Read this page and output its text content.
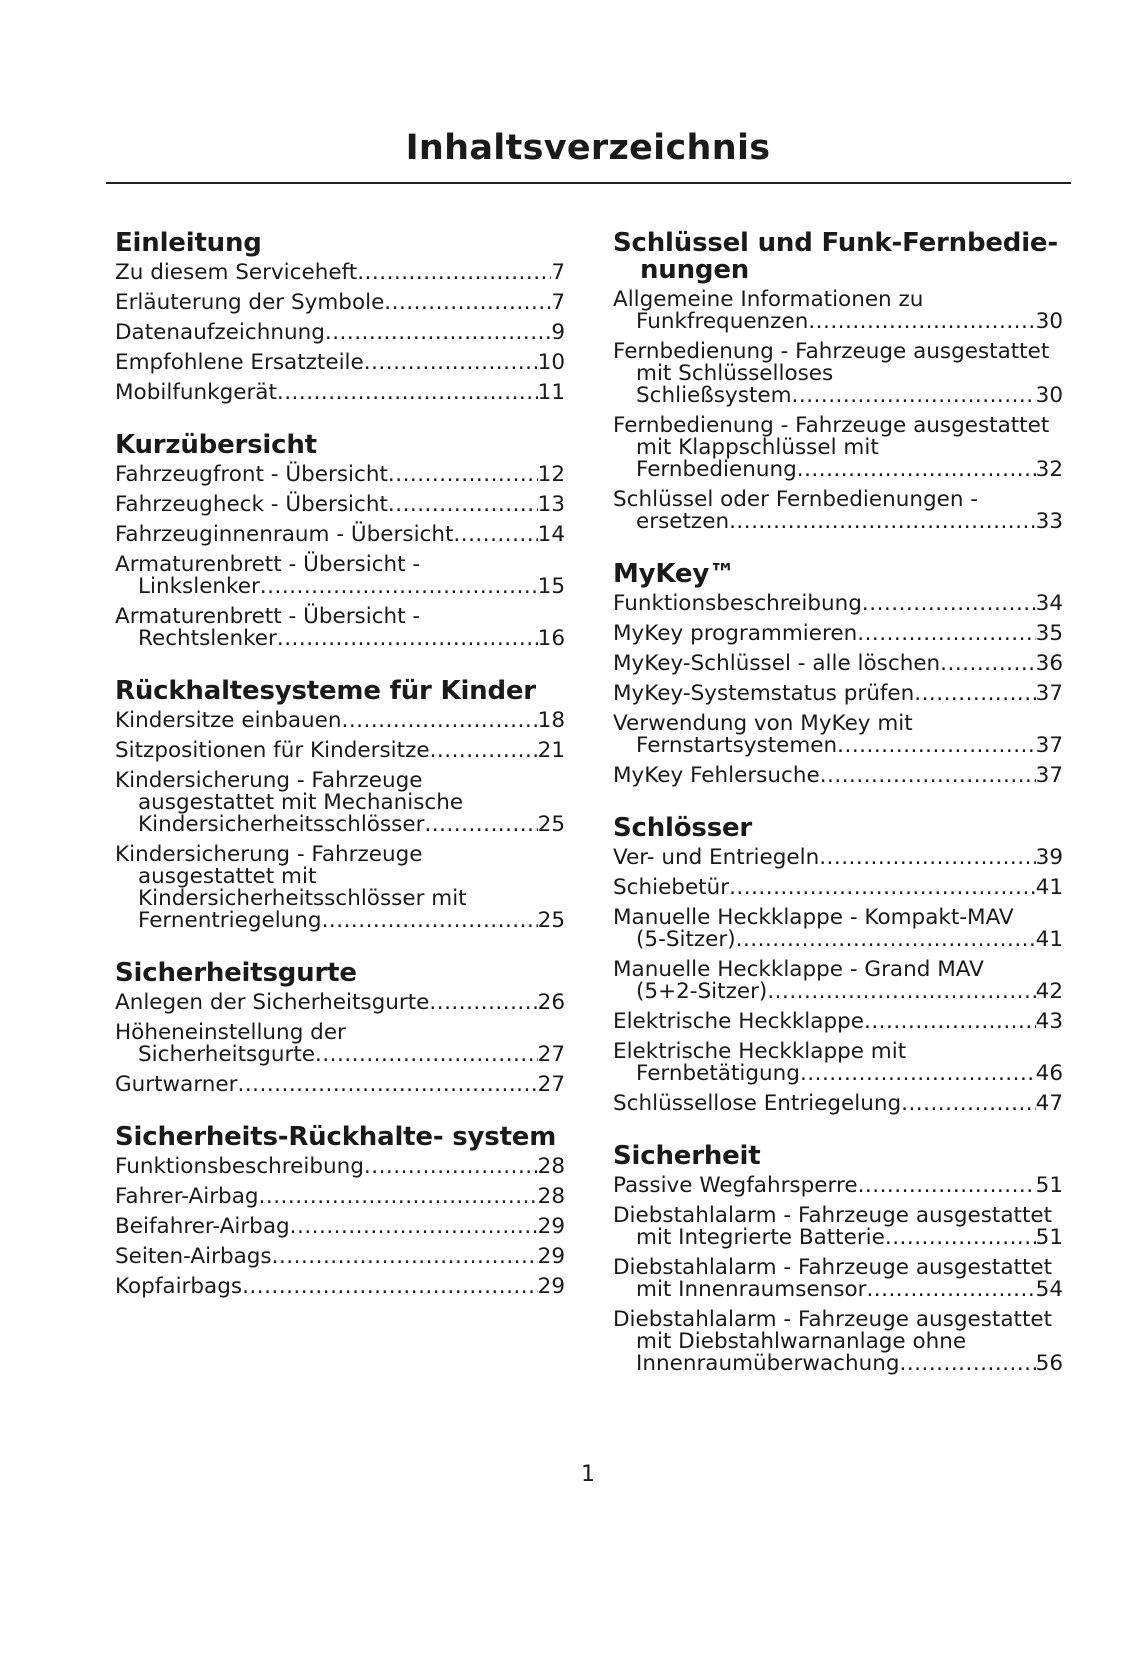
Inhaltsverzeichnis
Einleitung
Zu diesem Serviceheft .....	7
Erläuterung der Symbole .....	7
Datenaufzeichnung .....	9
Empfohlene Ersatzteile .....	10
Mobilfunkgerät .....	11
Kurzübersicht
Fahrzeugfront - Übersicht .....	12
Fahrzeugheck - Übersicht .....	13
Fahrzeuginnenraum - Übersicht .....	14
Armaturenbrett - Übersicht -
Linkslenker .....	15
Armaturenbrett - Übersicht -
Rechtslenker .....	16
Rückhaltesysteme für Kinder
Kindersitze einbauen .....	18
Sitzpositionen für Kindersitze .....	21
Kindersicherung - Fahrzeuge ausgestattet mit Mechanische
Kindersicherheitsschlösser .....	25
Kindersicherung - Fahrzeuge ausgestattet mit Kindersicherheitsschlösser mit
Fernentriegelung .....	25
Sicherheitsgurte
Anlegen der Sicherheitsgurte .....	26
Höheneinstellung der
Sicherheitsgurte .....	27
Gurtwarner .....	27
Sicherheits-Rückhalte- system
Funktionsbeschreibung .....	28
Fahrer-Airbag .....	28
Beifahrer-Airbag .....	29
Seiten-Airbags .....	29
Kopfairbags .....	29
Schlüssel und Funk-Fernbedie- nungen
Allgemeine Informationen zu
Funkfrequenzen .....	30
Fernbedienung - Fahrzeuge ausgestattet mit Schlüsselloses
Schließsystem .....	30
Fernbedienung - Fahrzeuge ausgestattet mit Klappschlüssel mit
Fernbedienung .....	32
Schlüssel oder Fernbedienungen -
ersetzen .....	33
MyKey™
Funktionsbeschreibung .....	34
MyKey programmieren .....	35
MyKey-Schlüssel - alle löschen .....	36
MyKey-Systemstatus prüfen .....	37
Verwendung von MyKey mit
Fernstartsystemen .....	37
MyKey Fehlersuche .....	37
Schlösser
Ver- und Entriegeln .....	39
Schiebetür .....	41
Manuelle Heckklappe - Kompakt-MAV
(5-Sitzer) .....	41
Manuelle Heckklappe - Grand MAV
(5+2-Sitzer) .....	42
Elektrische Heckklappe .....	43
Elektrische Heckklappe mit
Fernbetätigung .....	46
Schlüssellose Entriegelung .....	47
Sicherheit
Passive Wegfahrsperre .....	51
Diebstahlalarm - Fahrzeuge ausgestattet
mit Integrierte Batterie .....	51
Diebstahlalarm - Fahrzeuge ausgestattet
mit Innenraumsensor .....	54
Diebstahlalarm - Fahrzeuge ausgestattet mit Diebstahlwarnanlage ohne
Innenraumüberwachung .....	56
1
